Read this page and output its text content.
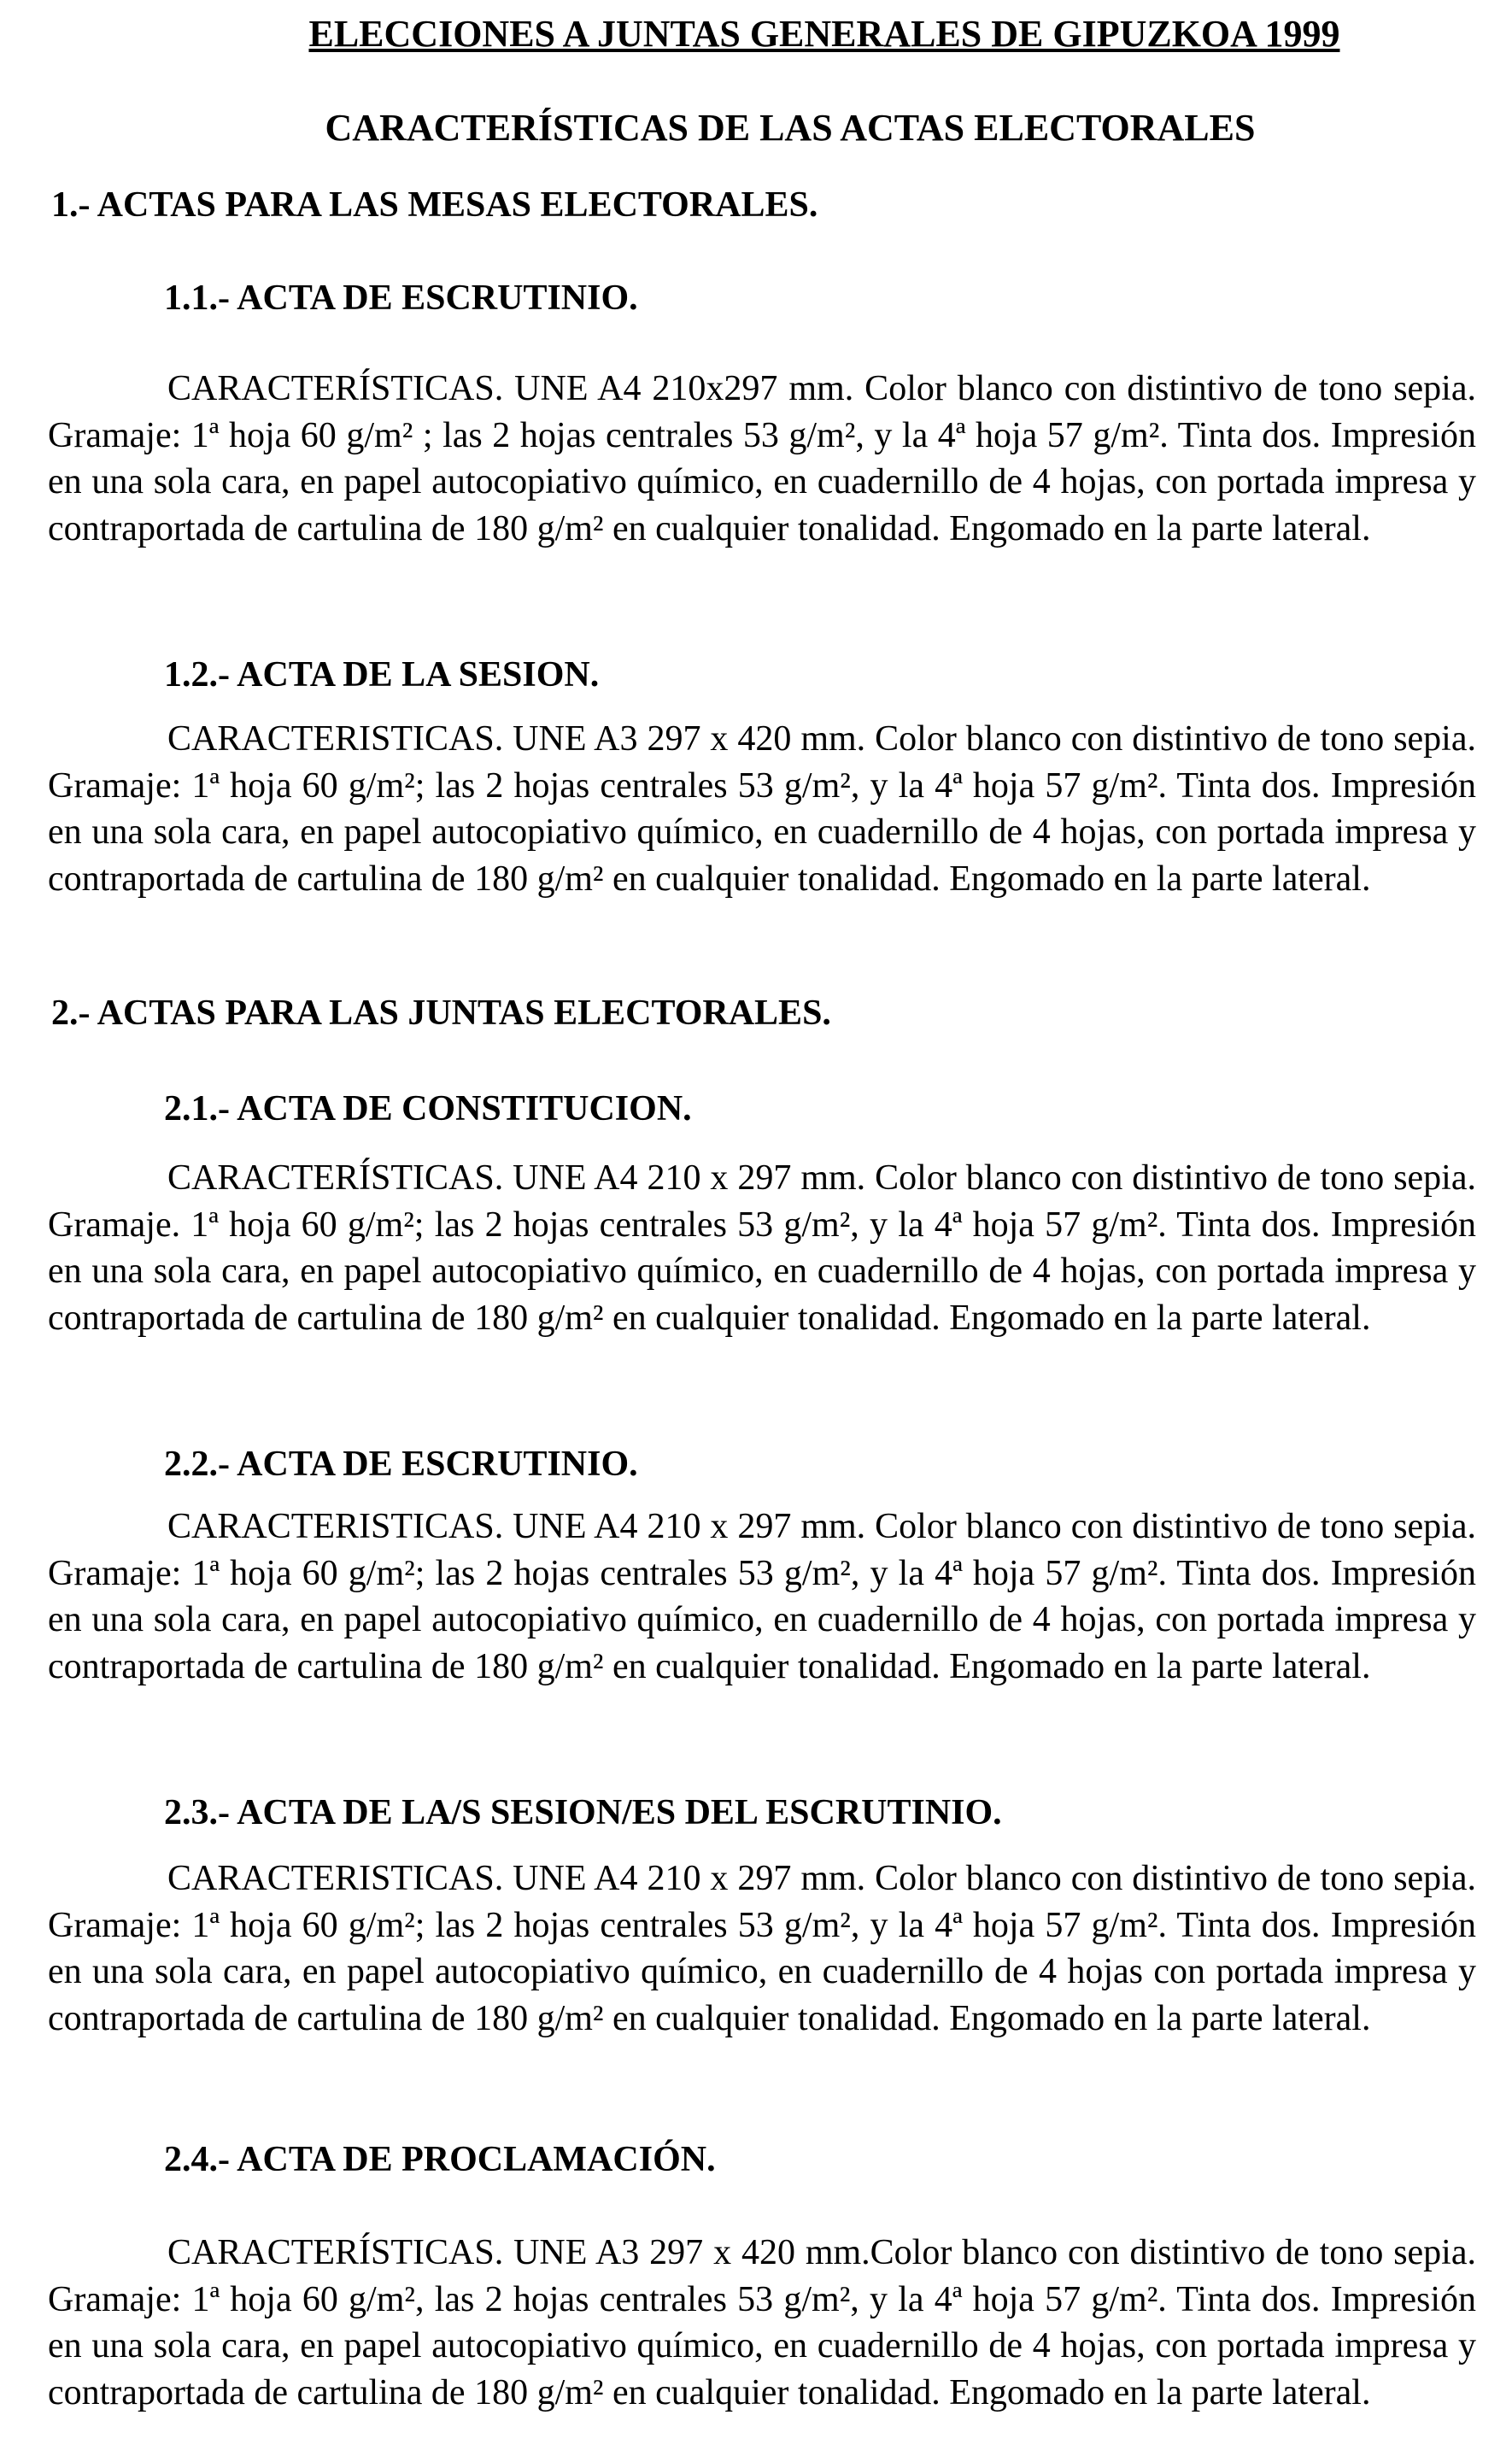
ELECCIONES A JUNTAS GENERALES DE GIPUZKOA 1999
CARACTERÍSTICAS DE LAS ACTAS ELECTORALES
1.- ACTAS PARA LAS MESAS ELECTORALES.
1.1.- ACTA DE ESCRUTINIO.
CARACTERÍSTICAS. UNE A4 210x297 mm. Color blanco con distintivo de tono sepia. Gramaje: 1ª hoja 60 g/m² ; las 2 hojas centrales 53 g/m², y la 4ª hoja 57 g/m². Tinta dos. Impresión en una sola cara, en papel autocopiativo químico, en cuadernillo de 4 hojas, con portada impresa y contraportada de cartulina de 180 g/m² en cualquier tonalidad. Engomado en la parte lateral.
1.2.- ACTA DE LA SESION.
CARACTERISTICAS. UNE A3 297 x 420 mm. Color blanco con distintivo de tono sepia. Gramaje: 1ª hoja 60 g/m²; las 2 hojas centrales 53 g/m², y la 4ª hoja 57 g/m². Tinta dos. Impresión en una sola cara, en papel autocopiativo químico, en cuadernillo de 4 hojas, con portada impresa y contraportada de cartulina de 180 g/m² en cualquier tonalidad. Engomado en la parte lateral.
2.- ACTAS PARA LAS JUNTAS ELECTORALES.
2.1.- ACTA DE CONSTITUCION.
CARACTERÍSTICAS. UNE A4 210 x 297 mm. Color blanco con distintivo de tono sepia. Gramaje. 1ª hoja 60 g/m²; las 2 hojas centrales 53 g/m², y la 4ª hoja 57 g/m². Tinta dos. Impresión en una sola cara, en papel autocopiativo químico, en cuadernillo de 4 hojas, con portada impresa y contraportada de cartulina de 180 g/m² en cualquier tonalidad. Engomado en la parte lateral.
2.2.- ACTA DE ESCRUTINIO.
CARACTERISTICAS. UNE A4 210 x 297 mm. Color blanco con distintivo de tono sepia. Gramaje: 1ª hoja 60 g/m²; las 2 hojas centrales 53 g/m², y la 4ª hoja 57 g/m². Tinta dos. Impresión en una sola cara, en papel autocopiativo químico, en cuadernillo de 4 hojas, con portada impresa y contraportada de cartulina de 180 g/m² en cualquier tonalidad. Engomado en la parte lateral.
2.3.- ACTA DE LA/S SESION/ES DEL ESCRUTINIO.
CARACTERISTICAS. UNE A4 210 x 297 mm. Color blanco con distintivo de tono sepia. Gramaje: 1ª hoja 60 g/m²; las 2 hojas centrales 53 g/m², y la 4ª hoja 57 g/m². Tinta dos. Impresión en una sola cara, en papel autocopiativo químico, en cuadernillo de 4 hojas con portada impresa y contraportada de cartulina de 180 g/m² en cualquier tonalidad. Engomado en la parte lateral.
2.4.- ACTA DE PROCLAMACIÓN.
CARACTERÍSTICAS. UNE A3 297 x 420 mm.Color blanco con distintivo de tono sepia. Gramaje: 1ª hoja 60 g/m², las 2 hojas centrales 53 g/m², y la 4ª hoja 57 g/m². Tinta dos. Impresión en una sola cara, en papel autocopiativo químico, en cuadernillo de 4 hojas, con portada impresa y contraportada de cartulina de 180 g/m² en cualquier tonalidad. Engomado en la parte lateral.
